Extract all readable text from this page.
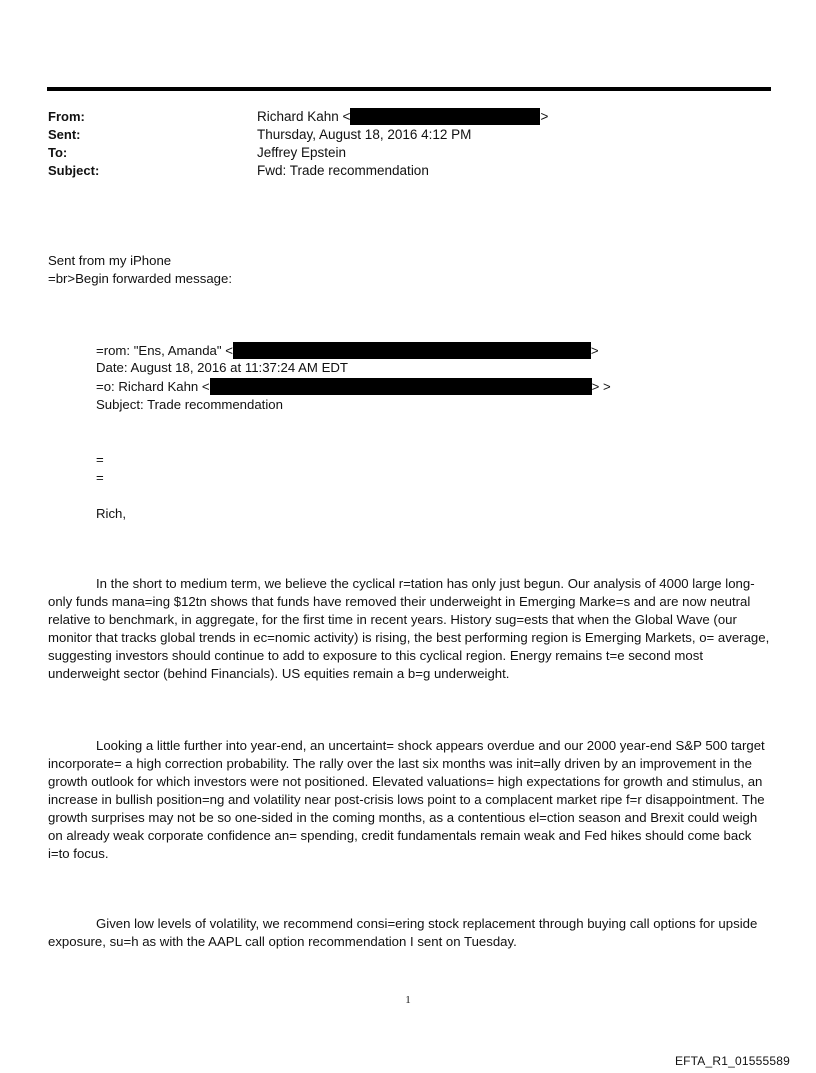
From:	Richard Kahn <	>
Sent:	Thursday, August 18, 2016 4:12 PM
To:	Jeffrey Epstein
Subject:	Fwd: Trade recommendation
Sent from my iPhone
=br>Begin forwarded message:
=rom: "Ens, Amanda" <	>
Date: August 18, 2016 at 11:37:24 AM EDT
=o: Richard Kahn <	> >
Subject: Trade recommendation
=
=
Rich,

In the short to medium term, we believe the cyclical r=tation has only just begun. Our analysis of 4000 large long-only funds mana=ing $12tn shows that funds have removed their underweight in Emerging Marke=s and are now neutral relative to benchmark, in aggregate, for the first time in recent years. History sug=ests that when the Global Wave (our monitor that tracks global trends in ec=nomic activity) is rising, the best performing region is Emerging Markets, o= average, suggesting investors should continue to add to exposure to this cyclical region. Energy remains t=e second most underweight sector (behind Financials). US equities remain a b=g underweight.

Looking a little further into year-end, an uncertaint= shock appears overdue and our 2000 year-end S&P 500 target incorporate= a high correction probability. The rally over the last six months was init=ally driven by an improvement in the growth outlook for which investors were not positioned. Elevated valuations= high expectations for growth and stimulus, an increase in bullish position=ng and volatility near post-crisis lows point to a complacent market ripe f=r disappointment. The growth surprises may not be so one-sided in the coming months, as a contentious el=ction season and Brexit could weigh on already weak corporate confidence an= spending, credit fundamentals remain weak and Fed hikes should come back i=to focus.

Given low levels of volatility, we recommend consi=ering stock replacement through buying call options for upside exposure, su=h as with the AAPL call option recommendation I sent on Tuesday.

1
EFTA_R1_01555589
